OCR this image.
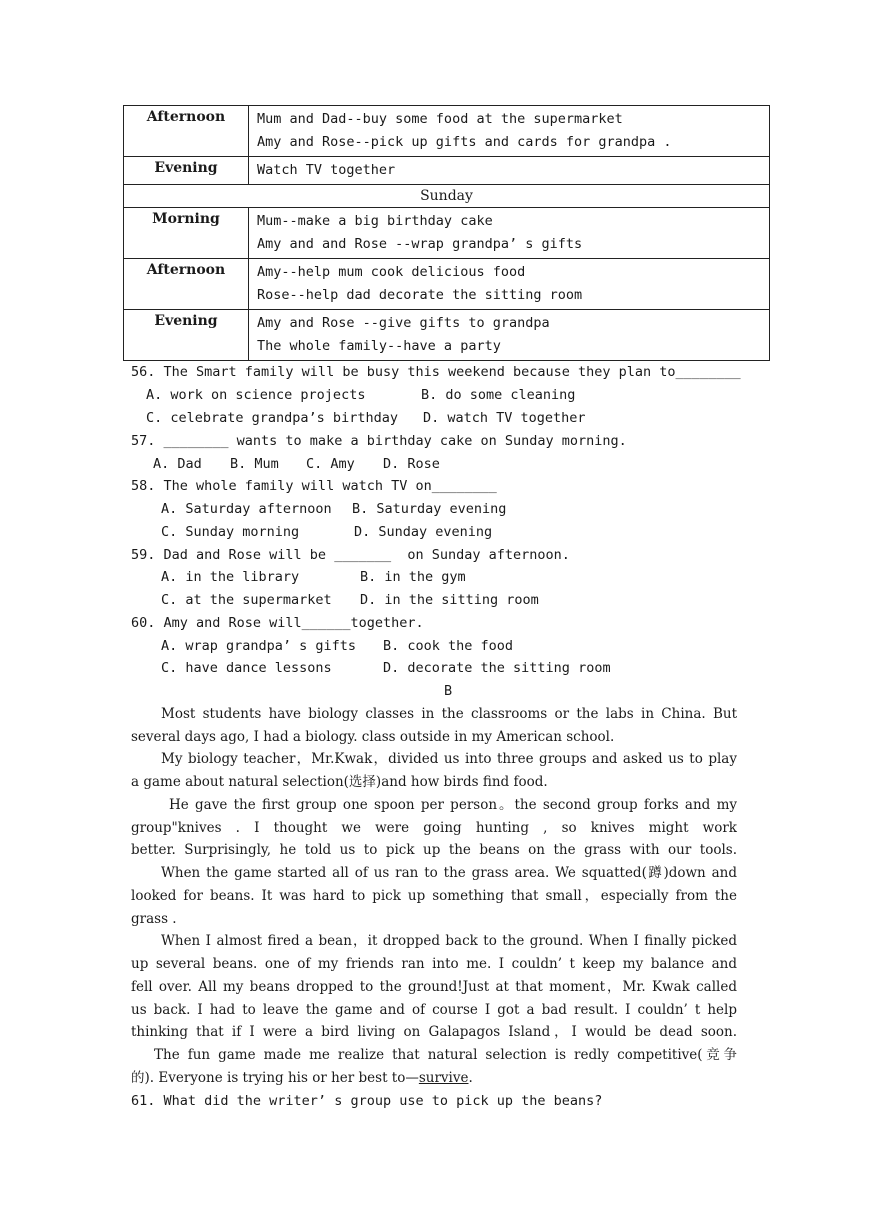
Afternoon	Mum and Dad--buy some food at the supermarket
Amy and Rose--pick up gifts and cards for grandpa .

Evening	Watch TV together

Sunday	
Morning	Mum--make a big birthday cake
Amy and and Rose --wrap grandpa’ s gifts

Afternoon	Amy--help mum cook delicious food
Rose--help dad decorate the sitting room

Evening	Amy and Rose --give gifts to grandpa
The whole family--have a party
56. The Smart family will be busy this weekend because they plan to________
A. work on science projects	B. do some cleaning
C. celebrate grandpa’s birthday D. watch TV together
57. ________ wants to make a birthday cake on Sunday morning.
A. Dad B. Mum C. Amy D. Rose
58. The whole family will watch TV on________
A. Saturday afternoon B. Saturday evening
C. Sunday morning	D. Sunday evening
59. Dad and Rose will be _______  on Sunday afternoon.
A. in the library	B. in the gym
C. at the supermarket D. in the sitting room
60. Amy and Rose will______together.
A. wrap grandpa’ s gifts B. cook the food
C. have dance lessons	D. decorate the sitting room
B
Most students have biology classes in the classrooms or the labs in China. But
several days ago, I had a biology. class outside in my American school.
My biology teacher，Mr.Kwak，divided us into three groups and asked us to play
a game about natural selection(选择)and how birds find food.
He gave the first group one spoon per person。the second group forks and my
group"knives . I thought we were going hunting , so knives might work
better. Surprisingly, he told us to pick up the beans on the grass with our tools.
When the game started all of us ran to the grass area. We squatted(蹲)down and
looked for beans. It was hard to pick up something that small，especially from the
grass .
When I almost fired a bean，it dropped back to the ground. When I finally picked
up several beans. one of my friends ran into me. I couldn’ t keep my balance and
fell over. All my beans dropped to the ground!Just at that moment，Mr. Kwak called
us back. I had to leave the game and of course I got a bad result. I couldn’ t help
thinking that if I were a bird living on Galapagos Island，I would be dead soon.
The fun game made me realize that natural selection is redly competitive(竞争
的). Everyone is trying his or her best to—survive.
61. What did the writer’ s group use to pick up the beans?
